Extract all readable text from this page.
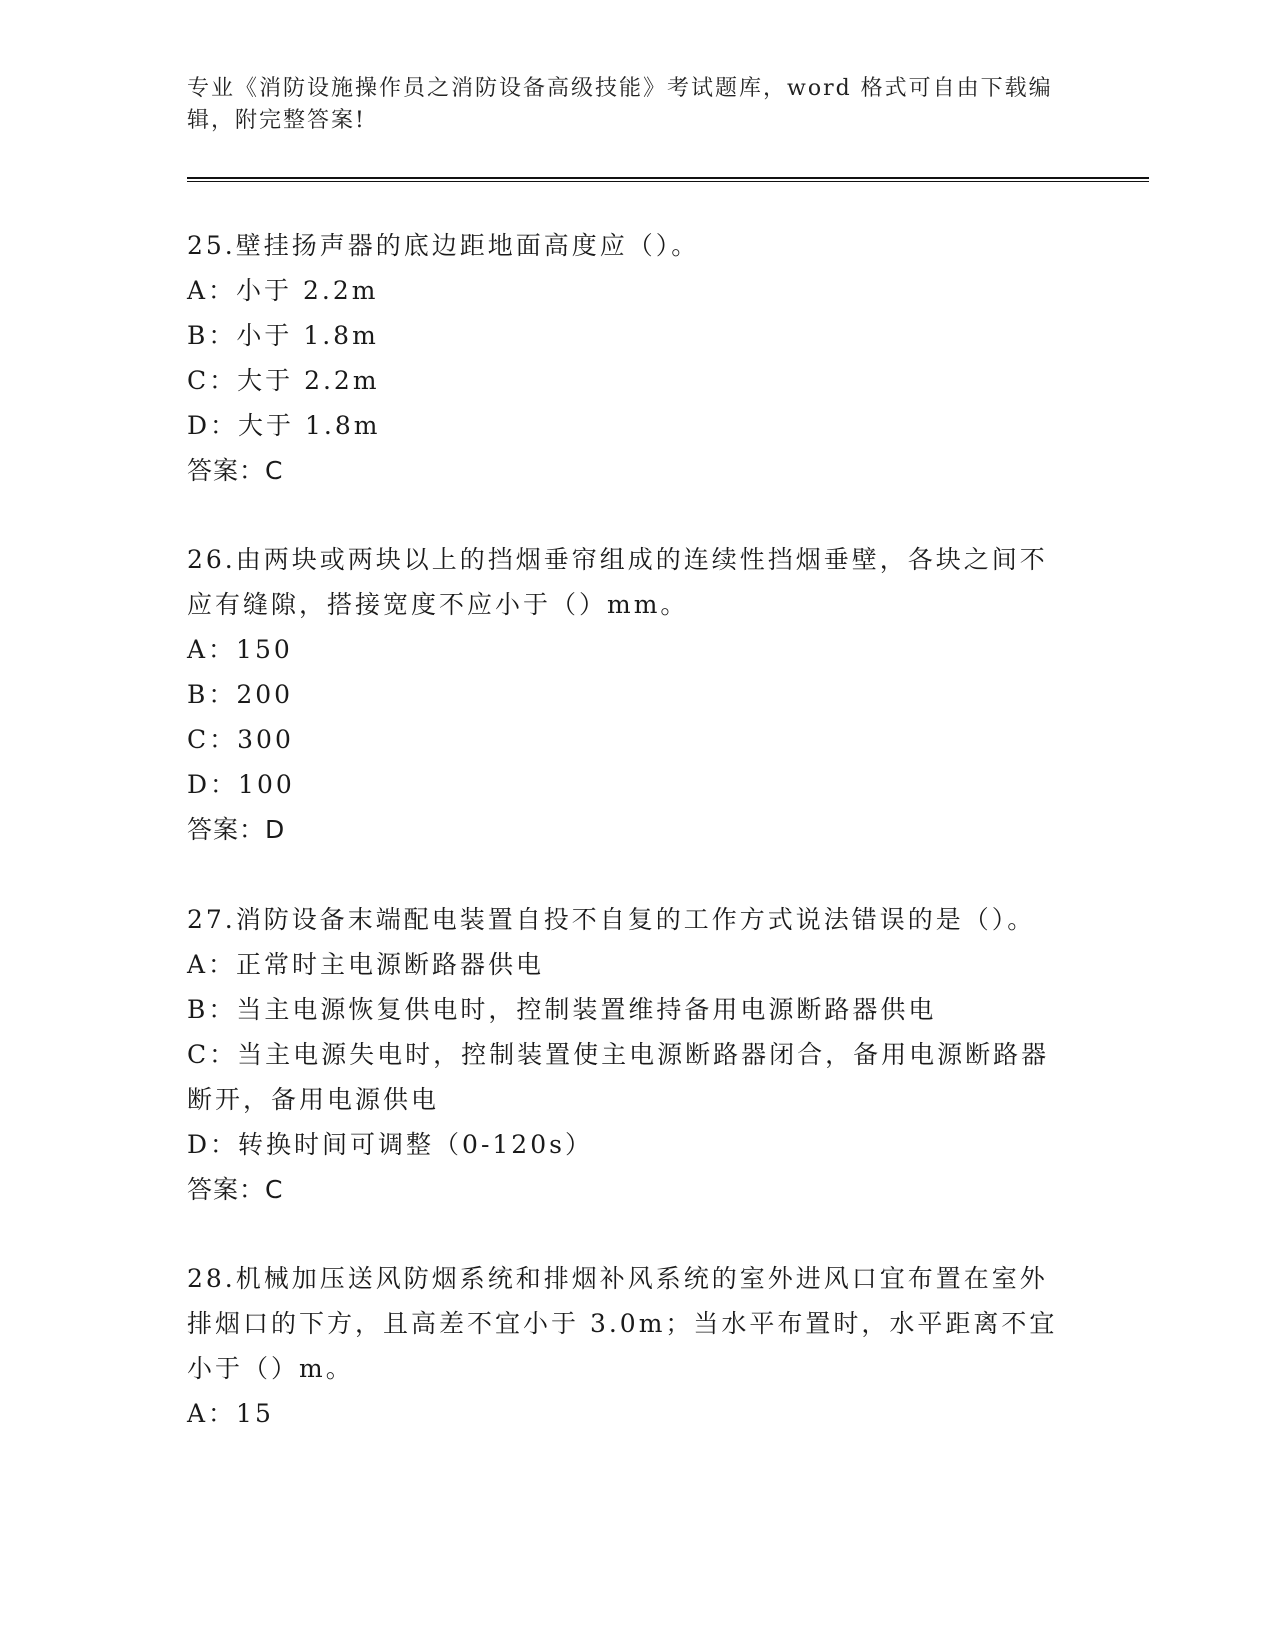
专业《消防设施操作员之消防设备高级技能》考试题库，word 格式可自由下载编
辑，附完整答案!
25.壁挂扬声器的底边距地面高度应（）。
A：小于 2.2m
B：小于 1.8m
C：大于 2.2m
D：大于 1.8m
答案：C
26.由两块或两块以上的挡烟垂帘组成的连续性挡烟垂壁，各块之间不
应有缝隙，搭接宽度不应小于（）mm。
A：150
B：200
C：300
D：100
答案：D
27.消防设备末端配电装置自投不自复的工作方式说法错误的是（）。
A：正常时主电源断路器供电
B：当主电源恢复供电时，控制装置维持备用电源断路器供电
C：当主电源失电时，控制装置使主电源断路器闭合，备用电源断路器
断开，备用电源供电
D：转换时间可调整（0-120s）
答案：C
28.机械加压送风防烟系统和排烟补风系统的室外进风口宜布置在室外
排烟口的下方，且高差不宜小于 3.0m；当水平布置时，水平距离不宜
小于（）m。
A：15
